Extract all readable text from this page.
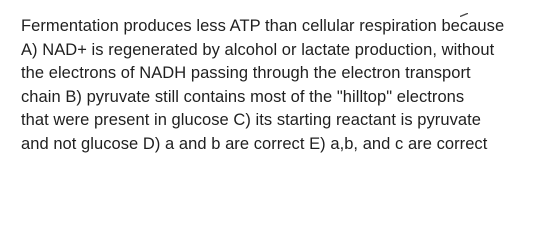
Fermentation produces less ATP than cellular respiration because
A) NAD+ is regenerated by alcohol or lactate production, without
the electrons of NADH passing through the electron transport
chain B) pyruvate still contains most of the "hilltop" electrons
that were present in glucose C) its starting reactant is pyruvate
and not glucose D) a and b are correct E) a,b, and c are correct
